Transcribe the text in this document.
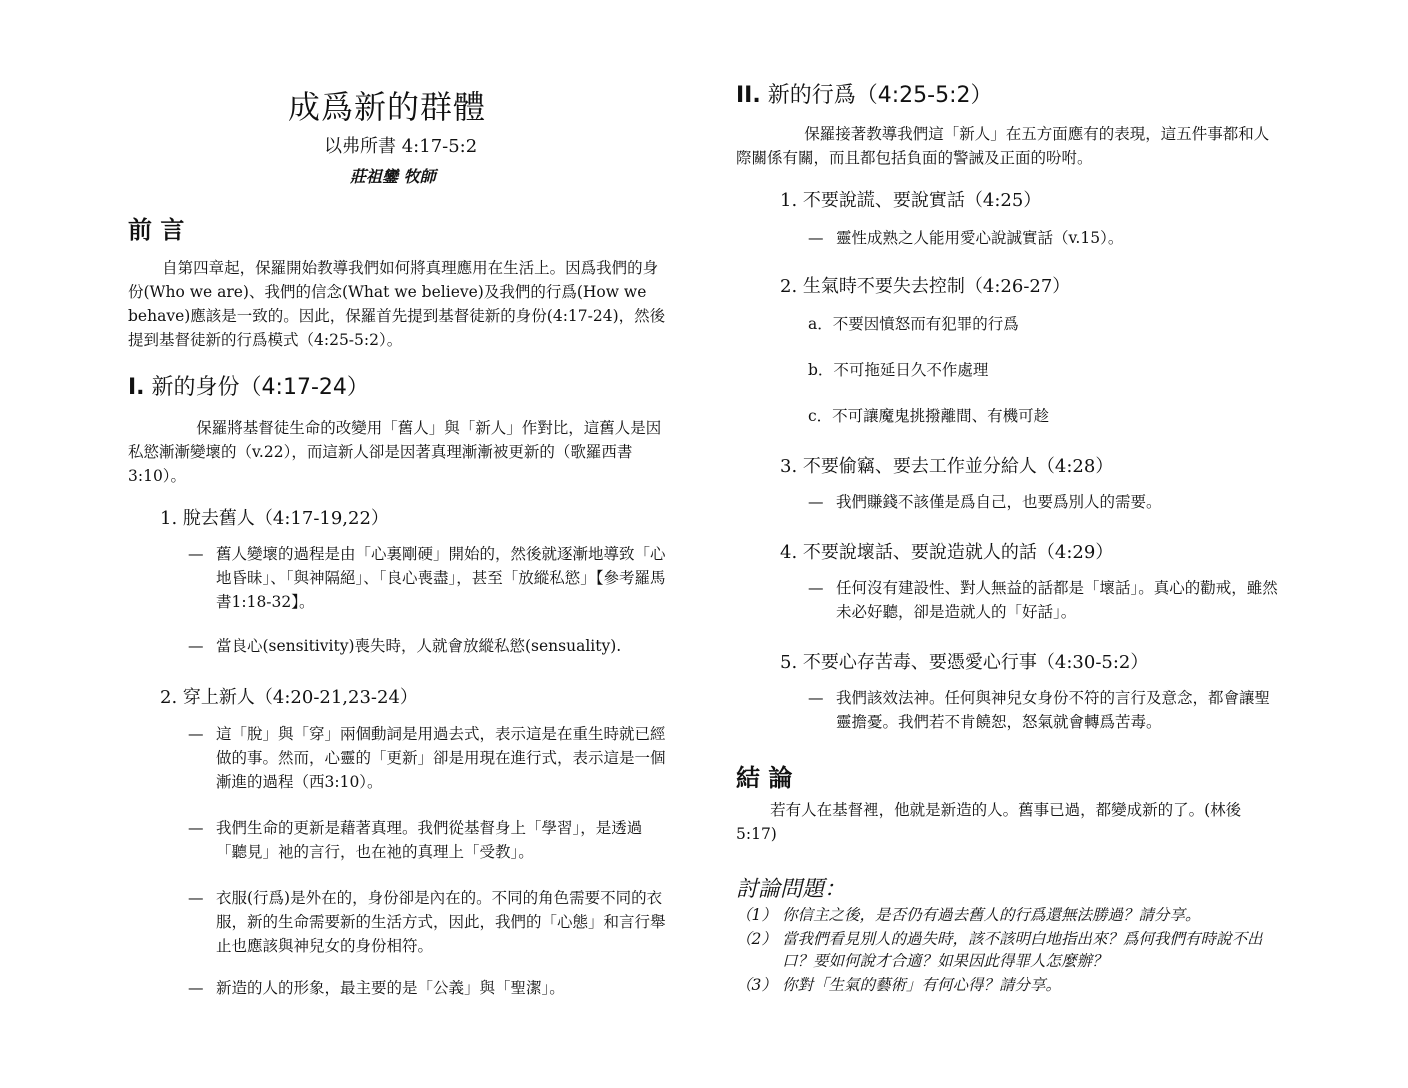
成爲新的群體
以弗所書 4:17-5:2
莊祖鑾 牧師
前 言
自第四章起，保羅開始教導我們如何將真理應用在生活上。因爲我們的身份(Who we are)、我們的信念(What we believe)及我們的行爲(How we behave)應該是一致的。因此，保羅首先提到基督徒新的身份(4:17-24)，然後提到基督徒新的行爲模式（4:25-5:2）。
I. 新的身份（4:17-24）
保羅將基督徒生命的改變用「舊人」與「新人」作對比，這舊人是因私慾漸漸變壞的（v.22），而這新人卻是因著真理漸漸被更新的（歌羅西書3:10）。
1. 脫去舊人（4:17-19,22）
— 舊人變壞的過程是由「心裏剛硬」開始的，然後就逐漸地導致「心地昏昧」、「與神隔絕」、「良心喪盡」，甚至「放縱私慾」【參考羅馬書1:18-32】。
— 當良心(sensitivity)喪失時，人就會放縱私慾(sensuality).
2. 穿上新人（4:20-21,23-24）
— 這「脫」與「穿」兩個動詞是用過去式，表示這是在重生時就已經做的事。然而，心靈的「更新」卻是用現在進行式，表示這是一個漸進的過程（西3:10）。
— 我們生命的更新是藉著真理。我們從基督身上「學習」，是透過「聽見」祂的言行，也在祂的真理上「受教」。
— 衣服(行爲)是外在的，身份卻是內在的。不同的角色需要不同的衣服，新的生命需要新的生活方式，因此，我們的「心態」和言行舉止也應該與神兒女的身份相符。
— 新造的人的形象，最主要的是「公義」與「聖潔」。
II. 新的行爲（4:25-5:2）
保羅接著教導我們這「新人」在五方面應有的表現，這五件事都和人際關係有關，而且都包括負面的警誡及正面的吩咐。
1. 不要說謊、要說實話（4:25）
— 靈性成熟之人能用愛心說誠實話（v.15）。
2. 生氣時不要失去控制（4:26-27）
a．不要因憤怒而有犯罪的行爲
b．不可拖延日久不作處理
c．不可讓魔鬼挑撥離間、有機可趁
3. 不要偷竊、要去工作並分給人（4:28）
— 我們賺錢不該僅是爲自己，也要爲別人的需要。
4. 不要說壞話、要說造就人的話（4:29）
— 任何沒有建設性、對人無益的話都是「壞話」。真心的勸戒，雖然未必好聽，卻是造就人的「好話」。
5. 不要心存苦毒、要憑愛心行事（4:30-5:2）
— 我們該效法神。任何與神兒女身份不符的言行及意念，都會讓聖靈擔憂。我們若不肯饒恕，怒氣就會轉爲苦毒。
結 論
若有人在基督裡，他就是新造的人。舊事已過，都變成新的了。(林後5:17)
討論問題：
（1） 你信主之後，是否仍有過去舊人的行爲還無法勝過？請分享。
（2） 當我們看見別人的過失時，該不該明白地指出來？爲何我們有時說不出口？要如何說才合適？如果因此得罪人怎麼辦？
（3） 你對「生氣的藝術」有何心得？請分享。
